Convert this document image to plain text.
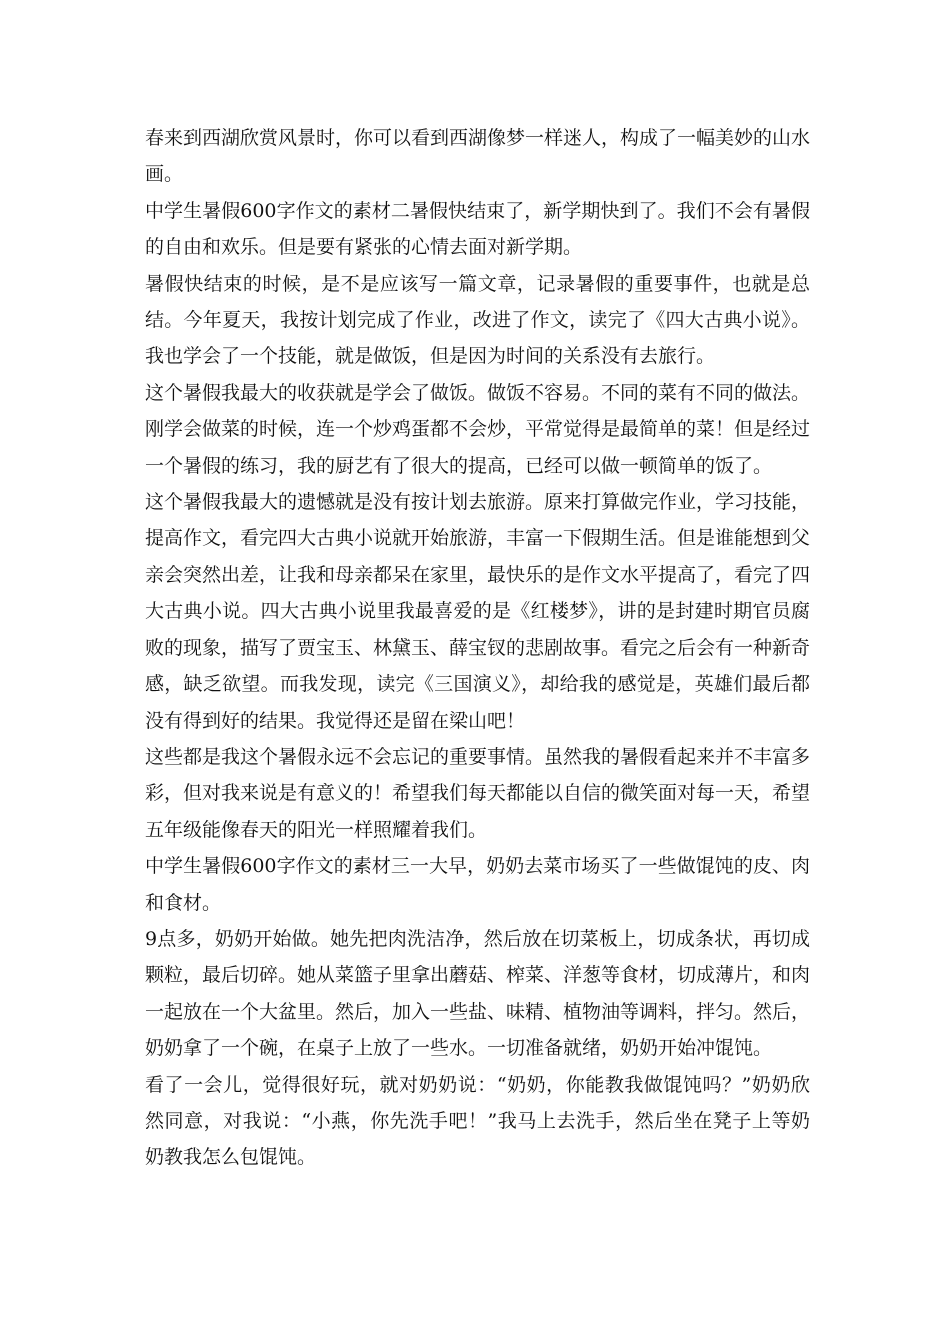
春来到西湖欣赏风景时，你可以看到西湖像梦一样迷人，构成了一幅美妙的山水画。

中学生暑假600字作文的素材二暑假快结束了，新学期快到了。我们不会有暑假的自由和欢乐。但是要有紧张的心情去面对新学期。

暑假快结束的时候，是不是应该写一篇文章，记录暑假的重要事件，也就是总结。今年夏天，我按计划完成了作业，改进了作文，读完了《四大古典小说》。我也学会了一个技能，就是做饭，但是因为时间的关系没有去旅行。

这个暑假我最大的收获就是学会了做饭。做饭不容易。不同的菜有不同的做法。刚学会做菜的时候，连一个炒鸡蛋都不会炒，平常觉得是最简单的菜！但是经过一个暑假的练习，我的厨艺有了很大的提高，已经可以做一顿简单的饭了。

这个暑假我最大的遗憾就是没有按计划去旅游。原来打算做完作业，学习技能，提高作文，看完四大古典小说就开始旅游，丰富一下假期生活。但是谁能想到父亲会突然出差，让我和母亲都呆在家里，最快乐的是作文水平提高了，看完了四大古典小说。四大古典小说里我最喜爱的是《红楼梦》，讲的是封建时期官员腐败的现象，描写了贾宝玉、林黛玉、薛宝钗的悲剧故事。看完之后会有一种新奇感，缺乏欲望。而我发现，读完《三国演义》，却给我的感觉是，英雄们最后都没有得到好的结果。我觉得还是留在梁山吧！

这些都是我这个暑假永远不会忘记的重要事情。虽然我的暑假看起来并不丰富多彩，但对我来说是有意义的！希望我们每天都能以自信的微笑面对每一天，希望五年级能像春天的阳光一样照耀着我们。

中学生暑假600字作文的素材三一大早，奶奶去菜市场买了一些做馄饨的皮、肉和食材。

9点多，奶奶开始做。她先把肉洗洁净，然后放在切菜板上，切成条状，再切成颗粒，最后切碎。她从菜篮子里拿出蘑菇、榨菜、洋葱等食材，切成薄片，和肉一起放在一个大盆里。然后，加入一些盐、味精、植物油等调料，拌匀。然后，奶奶拿了一个碗，在桌子上放了一些水。一切准备就绪，奶奶开始冲馄饨。

看了一会儿，觉得很好玩，就对奶奶说：“奶奶，你能教我做馄饨吗？”奶奶欣然同意，对我说：“小燕，你先洗手吧！”我马上去洗手，然后坐在凳子上等奶奶教我怎么包馄饨。
